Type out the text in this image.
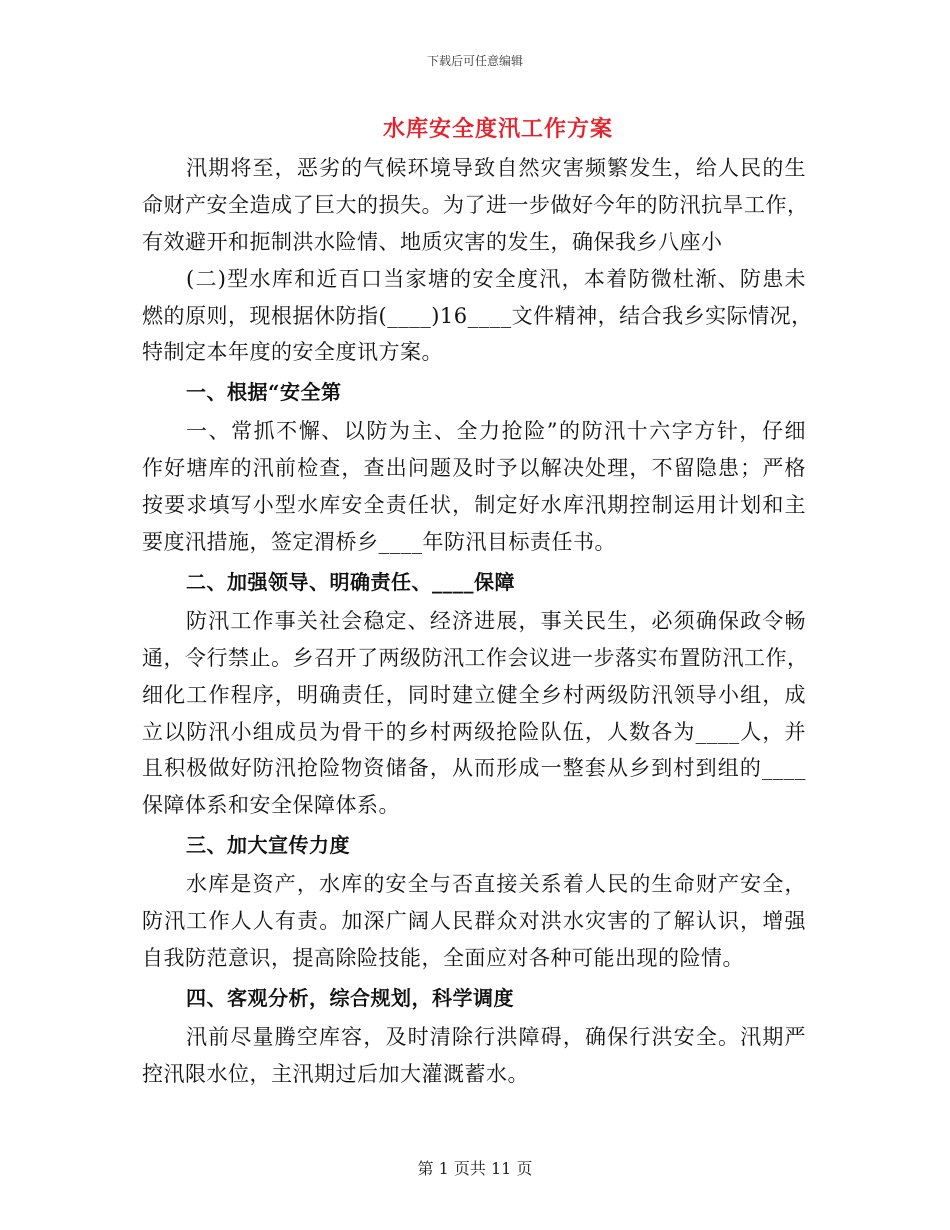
下载后可任意编辑
水库安全度汛工作方案
汛期将至，恶劣的气候环境导致自然灾害频繁发生，给人民的生
命财产安全造成了巨大的损失。为了进一步做好今年的防汛抗旱工作，
有效避开和扼制洪水险情、地质灾害的发生，确保我乡八座小
(二)型水库和近百口当家塘的安全度汛，本着防微杜渐、防患未
燃的原则，现根据休防指(____)16____文件精神，结合我乡实际情况，
特制定本年度的安全度讯方案。
一、根据“安全第
一、常抓不懈、以防为主、全力抢险”的防汛十六字方针，仔细
作好塘库的汛前检查，查出问题及时予以解决处理，不留隐患；严格
按要求填写小型水库安全责任状，制定好水库汛期控制运用计划和主
要度汛措施，签定渭桥乡____年防汛目标责任书。
二、加强领导、明确责任、____保障
防汛工作事关社会稳定、经济进展，事关民生，必须确保政令畅
通，令行禁止。乡召开了两级防汛工作会议进一步落实布置防汛工作，
细化工作程序，明确责任，同时建立健全乡村两级防汛领导小组，成
立以防汛小组成员为骨干的乡村两级抢险队伍，人数各为____人，并
且积极做好防汛抢险物资储备，从而形成一整套从乡到村到组的____
保障体系和安全保障体系。
三、加大宣传力度
水库是资产，水库的安全与否直接关系着人民的生命财产安全，
防汛工作人人有责。加深广阔人民群众对洪水灾害的了解认识，增强
自我防范意识，提高除险技能，全面应对各种可能出现的险情。
四、客观分析，综合规划，科学调度
汛前尽量腾空库容，及时清除行洪障碍，确保行洪安全。汛期严
控汛限水位，主汛期过后加大灌溉蓄水。
第 1 页共 11 页
